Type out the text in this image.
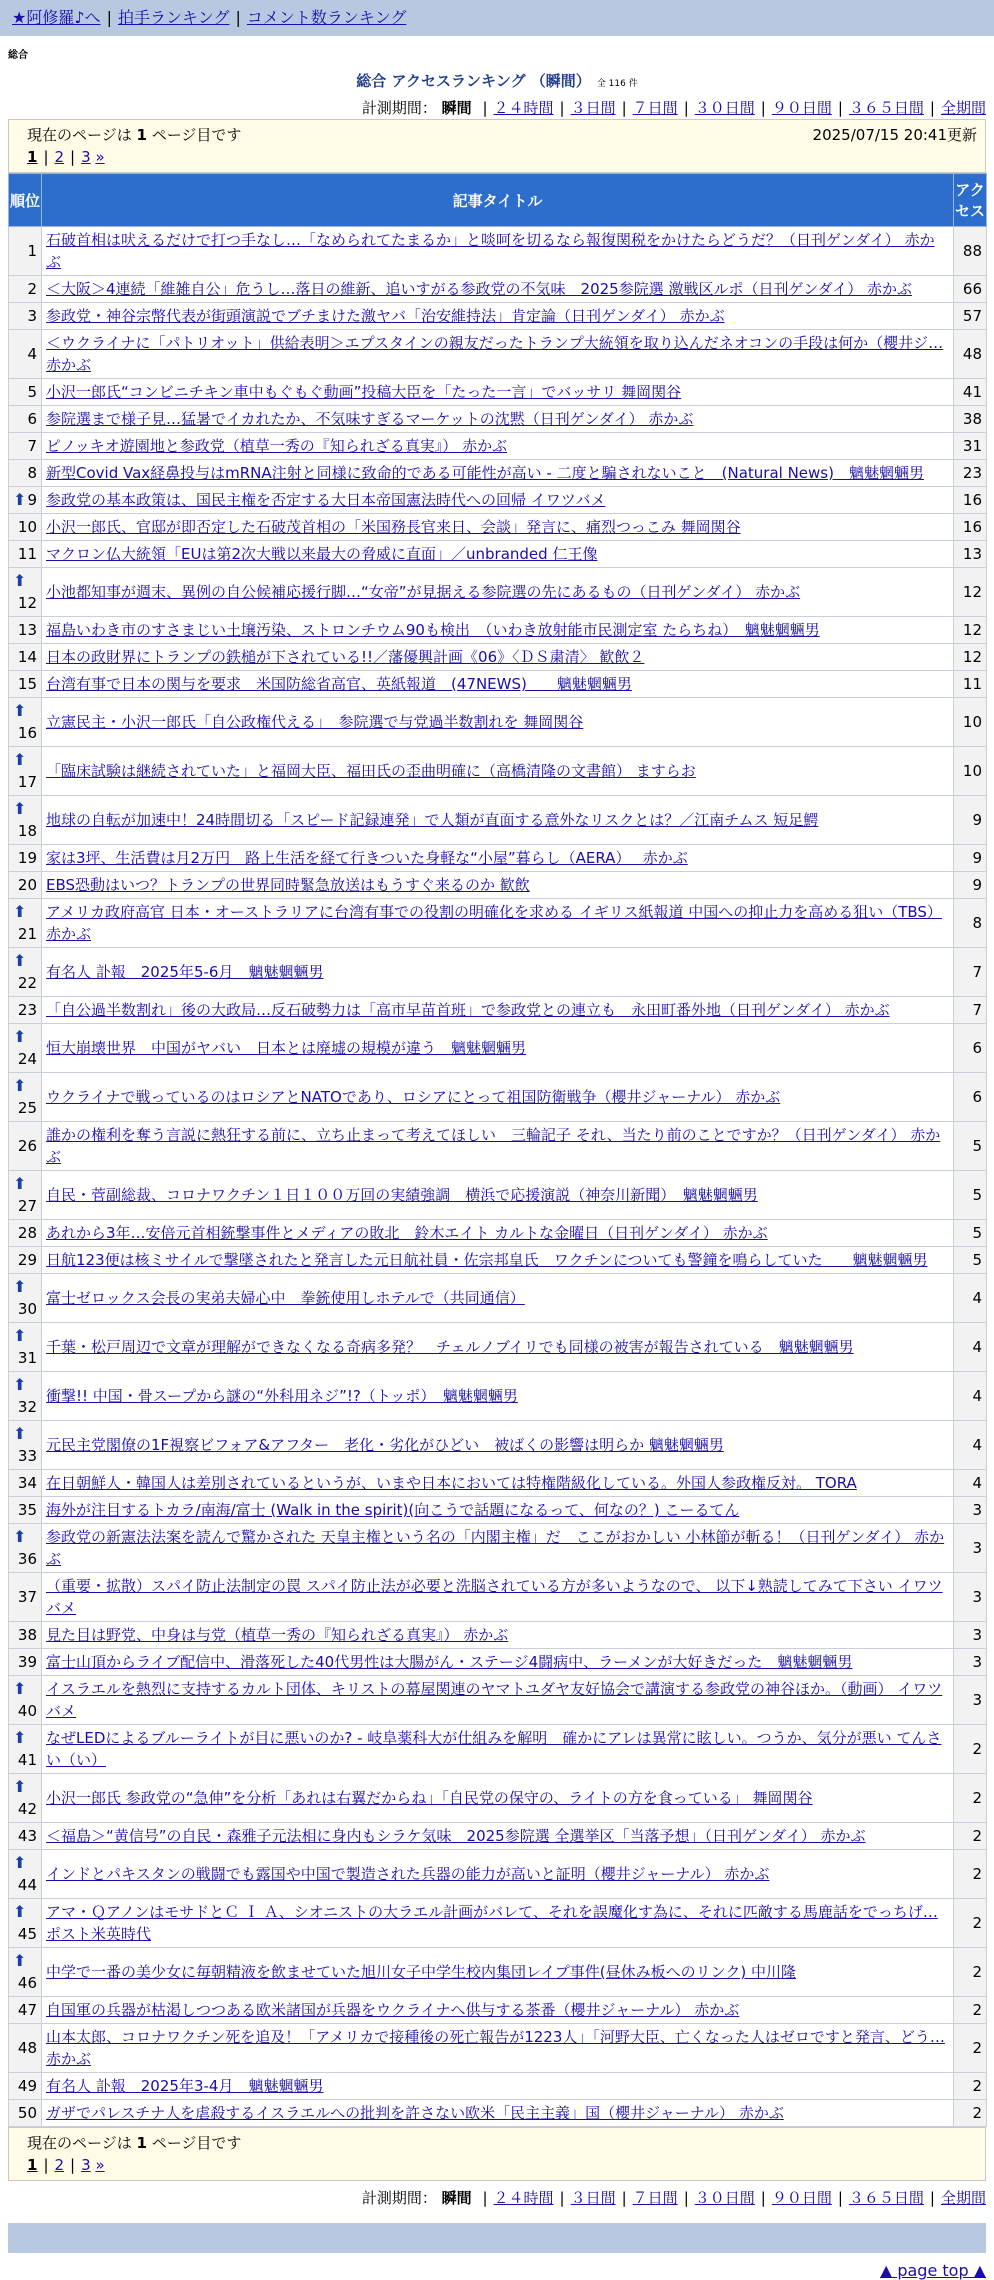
★阿修羅♪へ | 拍手ランキング | コメント数ランキング
総合
総合 アクセスランキング （瞬間） 全 116 件
計測期間： 瞬間 | ２４時間 | ３日間 | ７日間 | ３０日間 | ９０日間 | ３６５日間 | 全期間
現在のページは 1 ページ目です	2025/07/15 20:41更新
1 | 2 | 3 »
順位	記事タイトル	アクセス
1	石破首相は吠えるだけで打つ手なし…「なめられてたまるか」と啖呵を切るなら報復関税をかけたらどうだ？（日刊ゲンダイ） 赤かぶ	88
2	＜大阪＞4連続「維雑自公」危うし…落日の維新、追いすがる参政党の不気味　2025参院選 激戦区ルポ（日刊ゲンダイ） 赤かぶ	66
3	参政党・神谷宗幣代表が街頭演説でブチまけた激ヤバ「治安維持法」肯定論（日刊ゲンダイ） 赤かぶ	57
4	＜ウクライナに「パトリオット」供給表明＞エプスタインの親友だったトランプ大統領を取り込んだネオコンの手段は何か（櫻井ジ… 赤かぶ	48
5	小沢一郎氏“コンビニチキン車中もぐもぐ動画”投稿大臣を「たった一言」でバッサリ 舞岡関谷	41
6	参院選まで様子見…猛暑でイカれたか、不気味すぎるマーケットの沈黙（日刊ゲンダイ） 赤かぶ	38
7	ピノッキオ遊園地と参政党（植草一秀の『知られざる真実』） 赤かぶ	31
8	新型Covid Vax経鼻投与はmRNA注射と同様に致命的である可能性が高い - 二度と騙されないこと　(Natural News)　魑魅魍魎男	23

⬆ 9	参政党の基本政策は、国民主権を否定する大日本帝国憲法時代への回帰 イワツバメ	16
10	小沢一郎氏、官邸が即否定した石破茂首相の「米国務長官来日、会談」発言に、痛烈つっこみ 舞岡関谷	16
11	マクロン仏大統領「EUは第2次大戦以来最大の脅威に直面」／unbranded 仁王像	13

⬆
12	小池都知事が週末、異例の自公候補応援行脚…“女帝”が見据える参院選の先にあるもの（日刊ゲンダイ） 赤かぶ	12
13	福島いわき市のすさまじい土壌汚染、ストロンチウム90も検出　（いわき放射能市民測定室 たらちね）　魑魅魍魎男	12
14	日本の政財界にトランプの鉄槌が下されている!!／藩優興計画《06》〈ＤＳ粛清〉 歓飲２	12
15	台湾有事で日本の関与を要求　米国防総省高官、英紙報道　(47NEWS)　　魑魅魍魎男	11

⬆
16	立憲民主・小沢一郎氏「自公政権代える」　参院選で与党過半数割れを 舞岡関谷	10

⬆
17	「臨床試験は継続されていた」と福岡大臣、福田氏の歪曲明確に（高橋清隆の文書館） ますらお	10

⬆
18	地球の自転が加速中！24時間切る「スピード記録連発」で人類が直面する意外なリスクとは？／江南チムス 短足鰐	9
19	家は3坪、生活費は月2万円　路上生活を経て行きついた身軽な“小屋”暮らし（AERA）　 赤かぶ	9
20	EBS恐動はいつ？トランプの世界同時緊急放送はもうすぐ来るのか 歓飲	9

⬆
21	アメリカ政府高官 日本・オーストラリアに台湾有事での役割の明確化を求める イギリス紙報道 中国への抑止力を高める狙い（TBS） 赤かぶ	8

⬆
22	有名人 訃報　2025年5-6月　魑魅魍魎男	7
23	「自公過半数割れ」後の大政局…反石破勢力は「高市早苗首班」で参政党との連立も　永田町番外地（日刊ゲンダイ） 赤かぶ	7

⬆
24	恒大崩壊世界　中国がヤバい　日本とは廃墟の規模が違う　魑魅魍魎男	6

⬆
25	ウクライナで戦っているのはロシアとNATOであり、ロシアにとって祖国防衛戦争（櫻井ジャーナル） 赤かぶ	6
26	誰かの権利を奪う言説に熱狂する前に、立ち止まって考えてほしい　三輪記子 それ、当たり前のことですか？（日刊ゲンダイ） 赤かぶ	5

⬆
27	自民・菅副総裁、コロナワクチン１日１００万回の実績強調　横浜で応援演説（神奈川新聞）　魑魅魍魎男	5
28	あれから3年…安倍元首相銃撃事件とメディアの敗北　鈴木エイト カルトな金曜日（日刊ゲンダイ） 赤かぶ	5
29	日航123便は核ミサイルで撃墜されたと発言した元日航社員・佐宗邦皇氏　ワクチンについても警鐘を鳴らしていた　　魑魅魍魎男	5

⬆
30	富士ゼロックス会長の実弟夫婦心中　拳銃使用しホテルで（共同通信）	4

⬆
31	千葉・松戸周辺で文章が理解ができなくなる奇病多発？　チェルノブイリでも同様の被害が報告されている　魑魅魍魎男	4

⬆
32	衝撃!! 中国・骨スープから謎の“外科用ネジ”!?（トッポ）　魑魅魍魎男	4

⬆
33	元民主党閣僚の1F視察ビフォア&アフター　老化・劣化がひどい　被ばくの影響は明らか 魑魅魍魎男	4
34	在日朝鮮人・韓国人は差別されているというが、いまや日本においては特権階級化している。外国人参政権反対。 TORA	4
35	海外が注目するトカラ/南海/富士 (Walk in the spirit)(向こうで話題になるって、何なの？) こーるてん	3

⬆
36	参政党の新憲法法案を読んで驚かされた 天皇主権という名の「内閣主権」だ　ここがおかしい 小林節が斬る！（日刊ゲンダイ） 赤かぶ	3
37	（重要・拡散）スパイ防止法制定の罠 スパイ防止法が必要と洗脳されている方が多いようなので、 以下↓熟読してみて下さい イワツバメ	3
38	見た目は野党、中身は与党（植草一秀の『知られざる真実』） 赤かぶ	3
39	富士山頂からライブ配信中、滑落死した40代男性は大腸がん・ステージ4闘病中、ラーメンが大好きだった　魑魅魍魎男	3

⬆
40	イスラエルを熱烈に支持するカルト団体、キリストの幕屋関連のヤマトユダヤ友好協会で講演する参政党の神谷ほか。（動画） イワツバメ	3

⬆
41	なぜLEDによるブルーライトが目に悪いのか? - 岐阜薬科大が仕組みを解明　確かにアレは異常に眩しい。つうか、気分が悪い てんさい（い）	2

⬆
42	小沢一郎氏 参政党の“急伸”を分析「あれは右翼だからね」「自民党の保守の、ライトの方を食っている」 舞岡関谷	2
43	＜福島＞“黄信号”の自民・森雅子元法相に身内もシラケ気味　2025参院選 全選挙区「当落予想」（日刊ゲンダイ） 赤かぶ	2

⬆
44	インドとパキスタンの戦闘でも露国や中国で製造された兵器の能力が高いと証明（櫻井ジャーナル） 赤かぶ	2

⬆
45	アマ・ＱアノンはモサドとＣ Ｉ Ａ、シオニストの大ラエル計画がバレて、それを誤魔化す為に、それに匹敵する馬鹿話をでっちげ… ポスト米英時代	2

⬆
46	中学で一番の美少女に毎朝精液を飲ませていた旭川女子中学生校内集団レイプ事件(昼休み板へのリンク) 中川隆	2
47	自国軍の兵器が枯渇しつつある欧米諸国が兵器をウクライナへ供与する茶番（櫻井ジャーナル） 赤かぶ	2
48	山本太郎、コロナワクチン死を追及！「アメリカで接種後の死亡報告が1223人」「河野大臣、亡くなった人はゼロですと発言、どう… 赤かぶ	2
49	有名人 訃報　2025年3-4月　魑魅魍魎男	2
50	ガザでパレスチナ人を虐殺するイスラエルへの批判を許さない欧米「民主主義」国（櫻井ジャーナル） 赤かぶ	2
現在のページは 1 ページ目です
1 | 2 | 3 »
計測期間： 瞬間 | ２４時間 | ３日間 | ７日間 | ３０日間 | ９０日間 | ３６５日間 | 全期間
▲ page top ▲
